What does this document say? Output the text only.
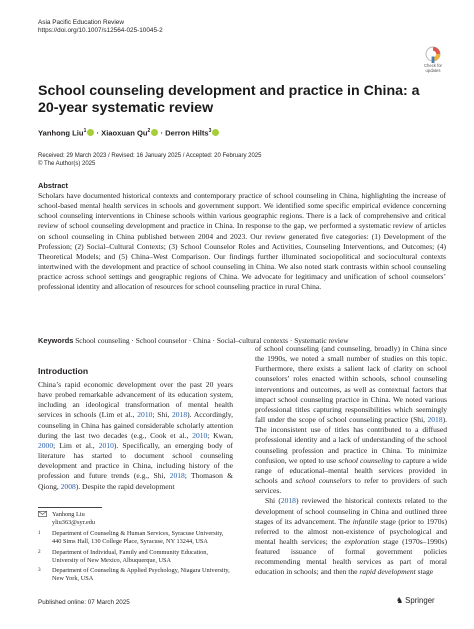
Asia Pacific Education Review
https://doi.org/10.1007/s12564-025-10045-2
Check for
updates
School counseling development and practice in China: a 20-year systematic review
Yanhong Liu$^1$ · Xiaoxuan $Qu^2$ · Derron Hilts$^3$
Received: 29 March 2023 / Revised: 16 January 2025 / Accepted: 20 February 2025
© The Author(s) 2025
Abstract
Scholars have documented historical contexts and contemporary practice of school counseling in China, highlighting the increase of school-based mental health services in schools and government support. We identified some specific empirical evidence concerning school counseling interventions in Chinese schools within various geographic regions. There is a lack of comprehensive and critical review of school counseling development and practice in China. In response to the gap, we performed a systematic review of articles on school counseling in China published between 2004 and 2023. Our review generated five categories: (1) Development of the Profession; (2) Social–Cultural Contexts; (3) School Counselor Roles and Activities, Counseling Interventions, and Outcomes; (4) Theoretical Models; and (5) China–West Comparison. Our findings further illuminated sociopolitical and sociocultural contexts intertwined with the development and practice of school counseling in China. We also noted stark contrasts within school counseling practice across school settings and geographic regions of China. We advocate for legitimacy and unification of school counselors’ professional identity and allocation of resources for school counseling practice in rural China.
Keywords School counseling · School counselor · China · Social–cultural contexts · Systematic review
Introduction
China’s rapid economic development over the past 20 years have probed remarkable advancement of its education system, including an ideological transformation of mental health services in schools (Lim et al., 2010; Shi, 2018). Accordingly, counseling in China has gained considerable scholarly attention during the last two decades (e.g., Cook et al., 2010; Kwan, 2000; Lim et al., 2010). Specifically, an emerging body of literature has started to document school counseling development and practice in China, including history of the profession and future trends (e.g., Shi, 2018; Thomason & Qiong, 2008). Despite the rapid development

of school counseling (and counseling, broadly) in China since the 1990s, we noted a small number of studies on this topic. Furthermore, there exists a salient lack of clarity on school counselors’ roles enacted within schools, school counseling interventions and outcomes, as well as contextual factors that impact school counseling practice in China. We noted various professional titles capturing responsibilities which seemingly fall under the scope of school counseling practice (Shi, 2018). The inconsistent use of titles has contributed to a diffused professional identity and a lack of understanding of the school counseling profession and practice in China. To minimize confusion, we opted to use school counseling to capture a wide range of educational–mental health services provided in schools and school counselors to refer to providers of such services.

Shi (2018) reviewed the historical contexts related to the development of school counseling in China and outlined three stages of its advancement. The infantile stage (prior to 1970s) referred to the almost non-existence of psychological and mental health services; the exploration stage (1970s–1990s) featured issuance of formal government policies recommending mental health services as part of moral education in schools; and then the rapid development stage

Yanhong Liu
yliu363@syr.edu
1 Department of Counseling & Human Services, Syracuse University, 440 Sims Hall, 130 College Place, Syracuse, NY 13244, USA
2 Department of Individual, Family and Community Education, University of New Mexico, Albuquerque, USA
3 Department of Counseling & Applied Psychology, Niagara University, New York, USA
Published online: 07 March 2025	♞ Springer
